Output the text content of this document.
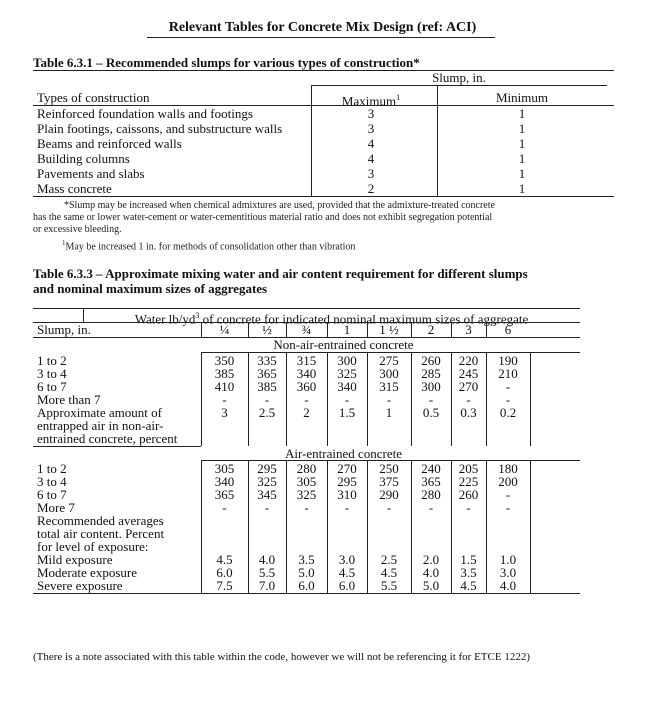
Relevant Tables for Concrete Mix Design (ref: ACI)
Table 6.3.1 – Recommended slumps for various types of construction*
Slump, in.
Types of construction	Maximum$^1$	Minimum
Reinforced foundation walls and footings	3	1
Plain footings, caissons, and substructure walls	3	1
Beams and reinforced walls	4	1
Building columns	4	1
Pavements and slabs	3	1
Mass concrete	2	1
*Slump may be increased when chemical admixtures are used, provided that the admixture-treated concrete
has the same or lower water-cement or water-cementitious material ratio and does not exhibit segregation potential
or excessive bleeding.
$^1$May be increased 1 in. for methods of consolidation other than vibration
Table 6.3.3 – Approximate mixing water and air content requirement for different slumps
and nominal maximum sizes of aggregates
Water $lb/yd^3$ of concrete for indicated nominal maximum sizes of aggregate
Slump, in.	¼	½	¾	1	1 ½	2	3	6
Non-air-entrained concrete
1 to 2	350	335	315	300	275	260	220	190
3 to 4	385	365	340	325	300	285	245	210
6 to 7	410	385	360	340	315	300	270	-
More than 7	-	-	-	-	-	-	-	-
Approximate amount of	3	2.5	2	1.5	1	0.5	0.3	0.2
entrapped air in non-air-
entrained concrete, percent
1 to 2	305	295	280	270	250	240	205	180
3 to 4	340	325	305	295	375	365	225	200
6 to 7	365	345	325	310	290	280	260	-
More 7	-	-	-	-	-	-	-	-
Recommended averages
total air content. Percent
for level of exposure:
Mild exposure	4.5	4.0	3.5	3.0	2.5	2.0	1.5	1.0
Moderate exposure	6.0	5.5	5.0	4.5	4.5	4.0	3.5	3.0
Severe exposure	7.5	7.0	6.0	6.0	5.5	5.0	4.5	4.0
Air-entrained concrete
(There is a note associated with this table within the code, however we will not be referencing it for ETCE 1222)
